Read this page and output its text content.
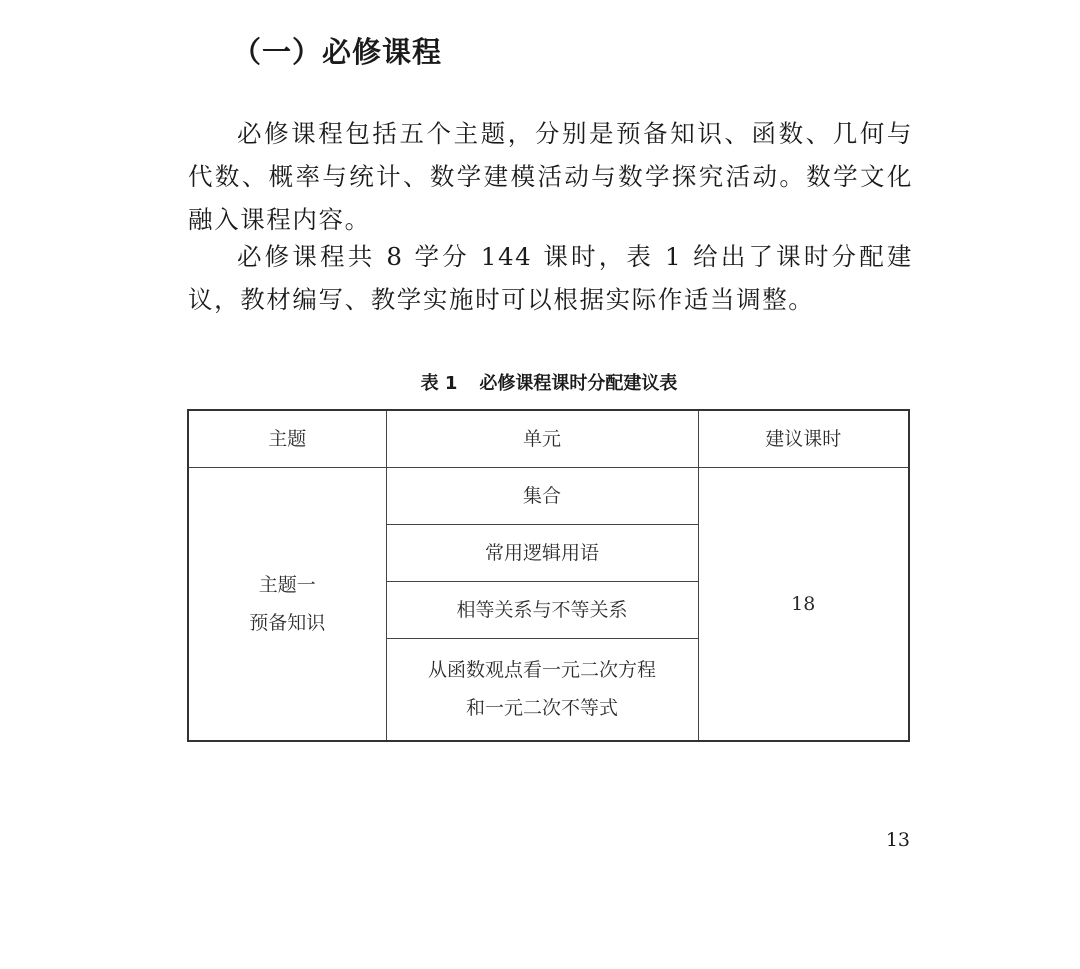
（一）必修课程

必修课程包括五个主题，分别是预备知识、函数、几何与代数、概率与统计、数学建模活动与数学探究活动。数学文化融入课程内容。

必修课程共 8 学分 144 课时，表 1 给出了课时分配建议，教材编写、教学实施时可以根据实际作适当调整。

表 1 必修课程课时分配建议表
主题	单元	建议课时

主题一
预备知识	集合	18
	常用逻辑用语	
	相等关系与不等关系	

	从函数观点看一元二次方程
和一元二次不等式	
13
